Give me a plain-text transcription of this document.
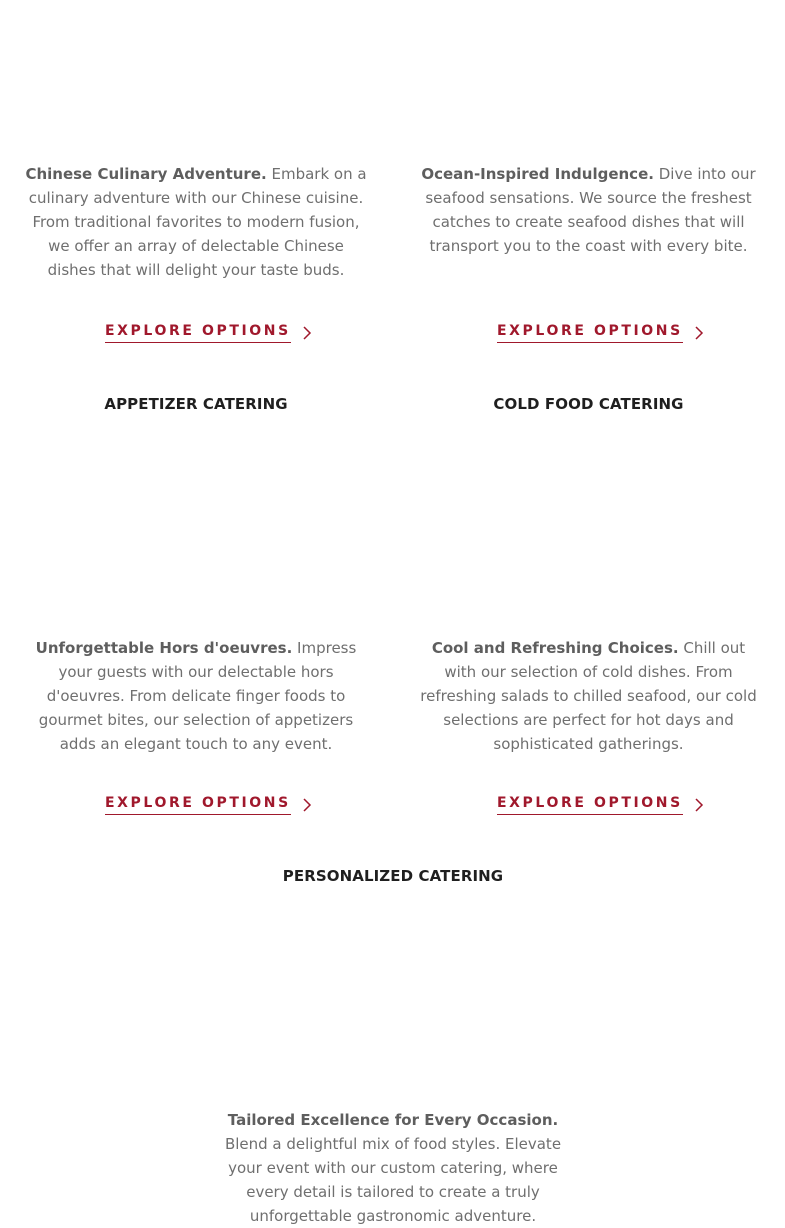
Chinese Culinary Adventure. Embark on a culinary adventure with our Chinese cuisine. From traditional favorites to modern fusion, we offer an array of delectable Chinese dishes that will delight your taste buds.

EXPLORE OPTIONS

Ocean-Inspired Indulgence. Dive into our seafood sensations. We source the freshest catches to create seafood dishes that will transport you to the coast with every bite.

EXPLORE OPTIONS
APPETIZER CATERING

Unforgettable Hors d'oeuvres. Impress your guests with our delectable hors d'oeuvres. From delicate finger foods to gourmet bites, our selection of appetizers adds an elegant touch to any event.

EXPLORE OPTIONS
COLD FOOD CATERING

Cool and Refreshing Choices. Chill out with our selection of cold dishes. From refreshing salads to chilled seafood, our cold selections are perfect for hot days and sophisticated gatherings.

EXPLORE OPTIONS
PERSONALIZED CATERING

Tailored Excellence for Every Occasion.
Blend a delightful mix of food styles. Elevate your event with our custom catering, where every detail is tailored to create a truly unforgettable gastronomic adventure.
